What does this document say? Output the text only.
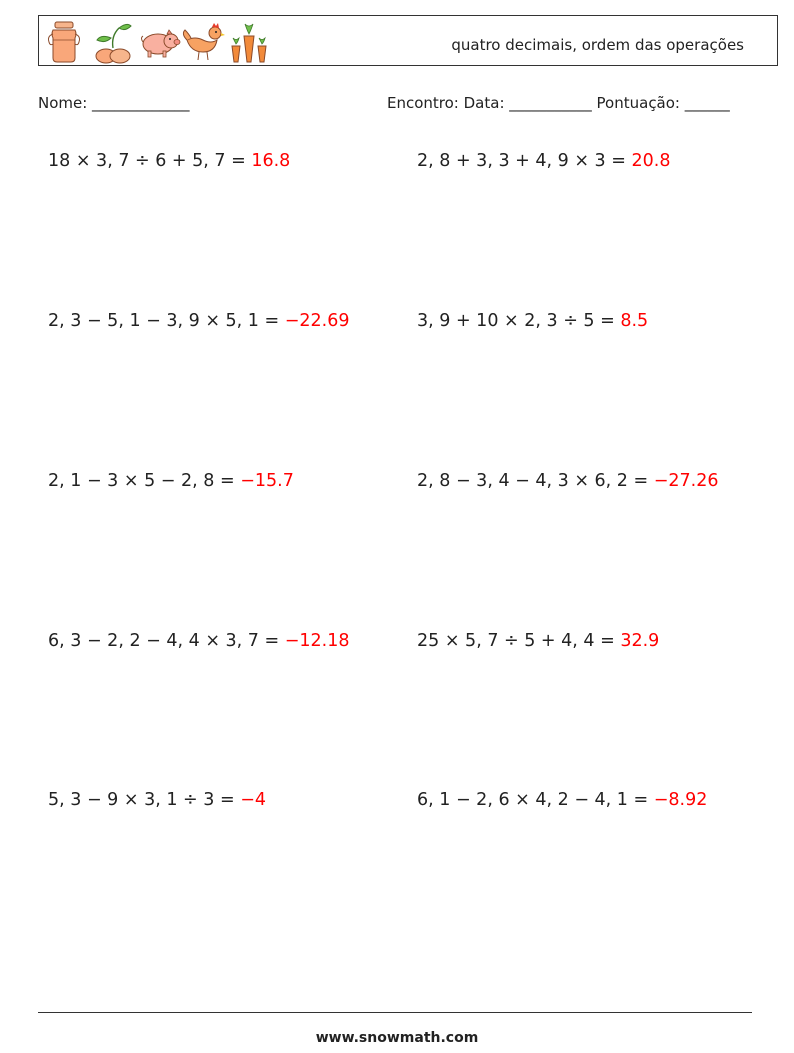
quatro decimais, ordem das operações
Nome: _____________	Encontro: Data: ___________ Pontuação: ______
18 × 3, 7 ÷ 6 + 5, 7 = 16.8	2, 8 + 3, 3 + 4, 9 × 3 = 20.8
2, 3 − 5, 1 − 3, 9 × 5, 1 = −22.69	3, 9 + 10 × 2, 3 ÷ 5 = 8.5
2, 1 − 3 × 5 − 2, 8 = −15.7	2, 8 − 3, 4 − 4, 3 × 6, 2 = −27.26
6, 3 − 2, 2 − 4, 4 × 3, 7 = −12.18	25 × 5, 7 ÷ 5 + 4, 4 = 32.9
5, 3 − 9 × 3, 1 ÷ 3 = −4	6, 1 − 2, 6 × 4, 2 − 4, 1 = −8.92
www.snowmath.com
